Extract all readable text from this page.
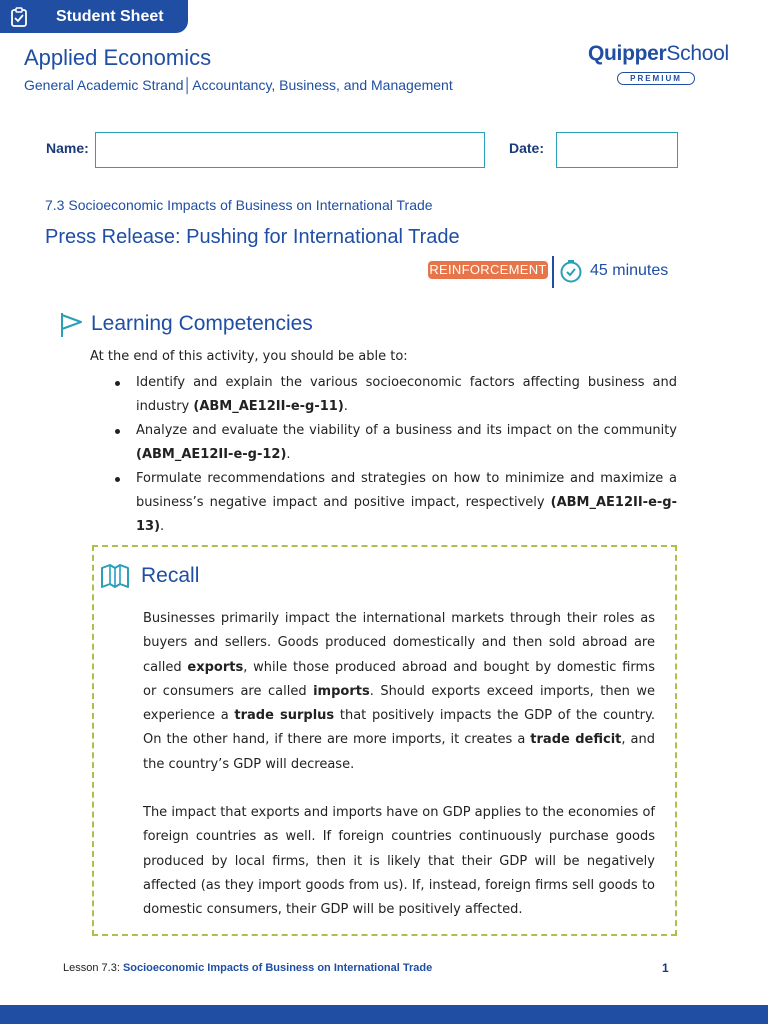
Student Sheet
Applied Economics
General Academic Strand│Accountancy, Business, and Management
QuipperSchool
PREMIUM
Name:	Date:
7.3 Socioeconomic Impacts of Business on International Trade
Press Release: Pushing for International Trade
REINFORCEMENT	45 minutes
Learning Competencies
At the end of this activity, you should be able to:
Identify and explain the various socioeconomic factors affecting business and industry (ABM_AE12II-e-g-11).
Analyze and evaluate the viability of a business and its impact on the community (ABM_AE12II-e-g-12).
Formulate recommendations and strategies on how to minimize and maximize a business’s negative impact and positive impact, respectively (ABM_AE12II-e-g-13).
Recall
Businesses primarily impact the international markets through their roles as buyers and sellers. Goods produced domestically and then sold abroad are called exports, while those produced abroad and bought by domestic firms or consumers are called imports. Should exports exceed imports, then we experience a trade surplus that positively impacts the GDP of the country. On the other hand, if there are more imports, it creates a trade deficit, and the country’s GDP will decrease.
The impact that exports and imports have on GDP applies to the economies of foreign countries as well. If foreign countries continuously purchase goods produced by local firms, then it is likely that their GDP will be negatively affected (as they import goods from us). If, instead, foreign firms sell goods to domestic consumers, their GDP will be positively affected.
Lesson 7.3: Socioeconomic Impacts of Business on International Trade	1
